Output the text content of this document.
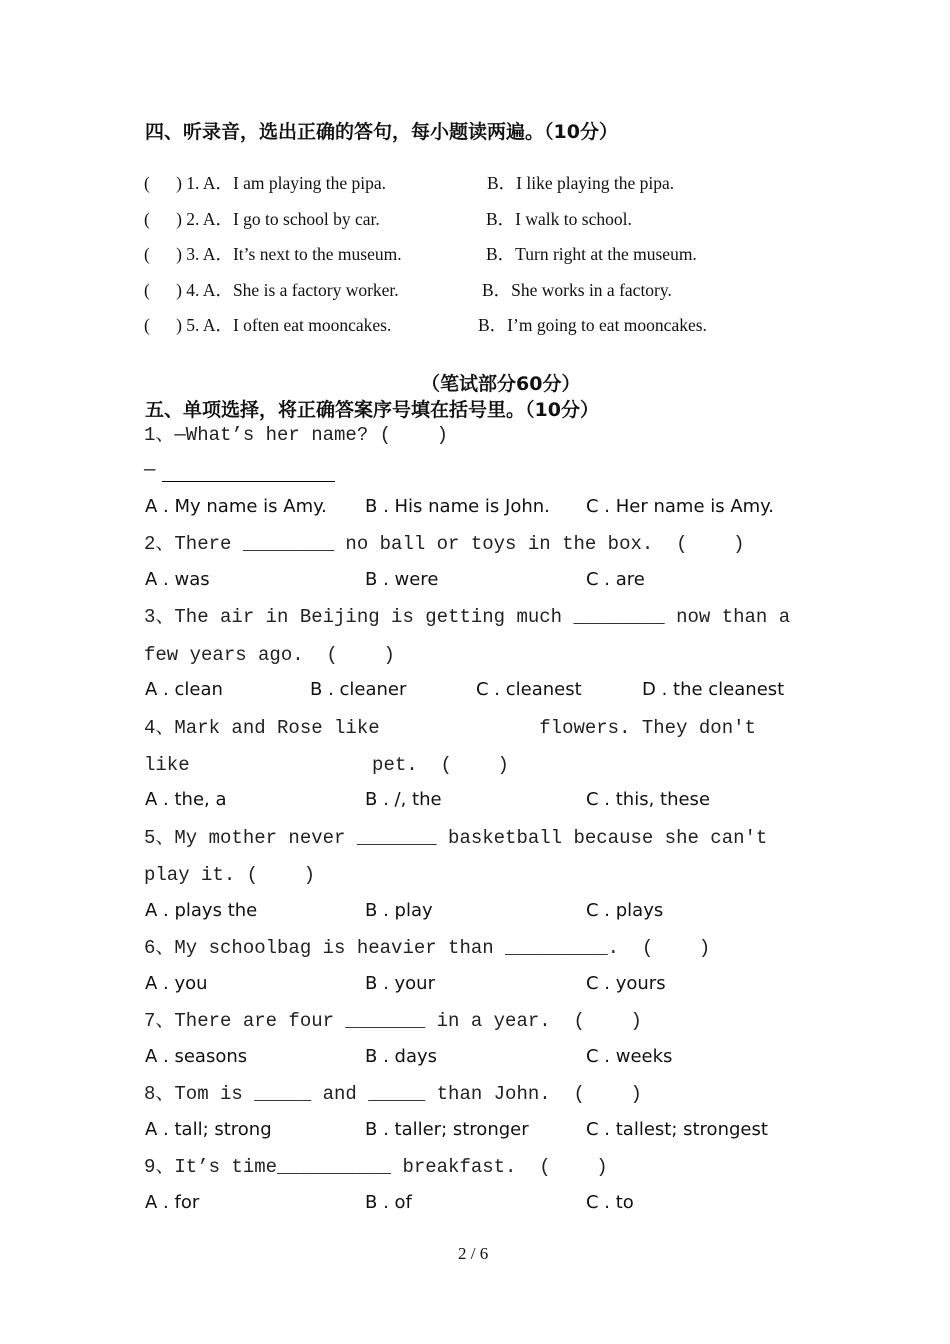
四、听录音，选出正确的答句，每小题读两遍。（10分）
(      ) 1. A．I am playing the pipa.	B．I like playing the pipa.
(      ) 2. A．I go to school by car.	B．I walk to school.
(      ) 3. A．It’s next to the museum.	B．Turn right at the museum.
(      ) 4. A．She is a factory worker.	B．She works in a factory.
(      ) 5. A．I often eat mooncakes.	B．I’m going to eat mooncakes.
（笔试部分60分）
五、单项选择，将正确答案序号填在括号里。（10分）
1、—What’s her name? (    )
—
A . My name is Amy. B . His name is John. C . Her name is Amy.
2、There ________ no ball or toys in the box.  (    )
A . was	B . were	C . are
3、The air in Beijing is getting much ________ now than a
few years ago.  (    )
A . clean	B . cleaner	C . cleanest	D . the cleanest
4、Mark and Rose like              flowers. They don't
like                pet.  (    )
A . the, a	B . /, the	C . this, these
5、My mother never _______ basketball because she can't
play it. (    )
A . plays the	B . play	C . plays
6、My schoolbag is heavier than _________.  (    )
A . you	B . your	C . yours
7、There are four _______ in a year.  (    )
A . seasons	B . days	C . weeks
8、Tom is _____ and _____ than John.  (    )
A . tall; strong	B . taller; stronger	C . tallest; strongest
9、It’s time__________ breakfast.  (    )
A . for	B . of	C . to
2 / 6
